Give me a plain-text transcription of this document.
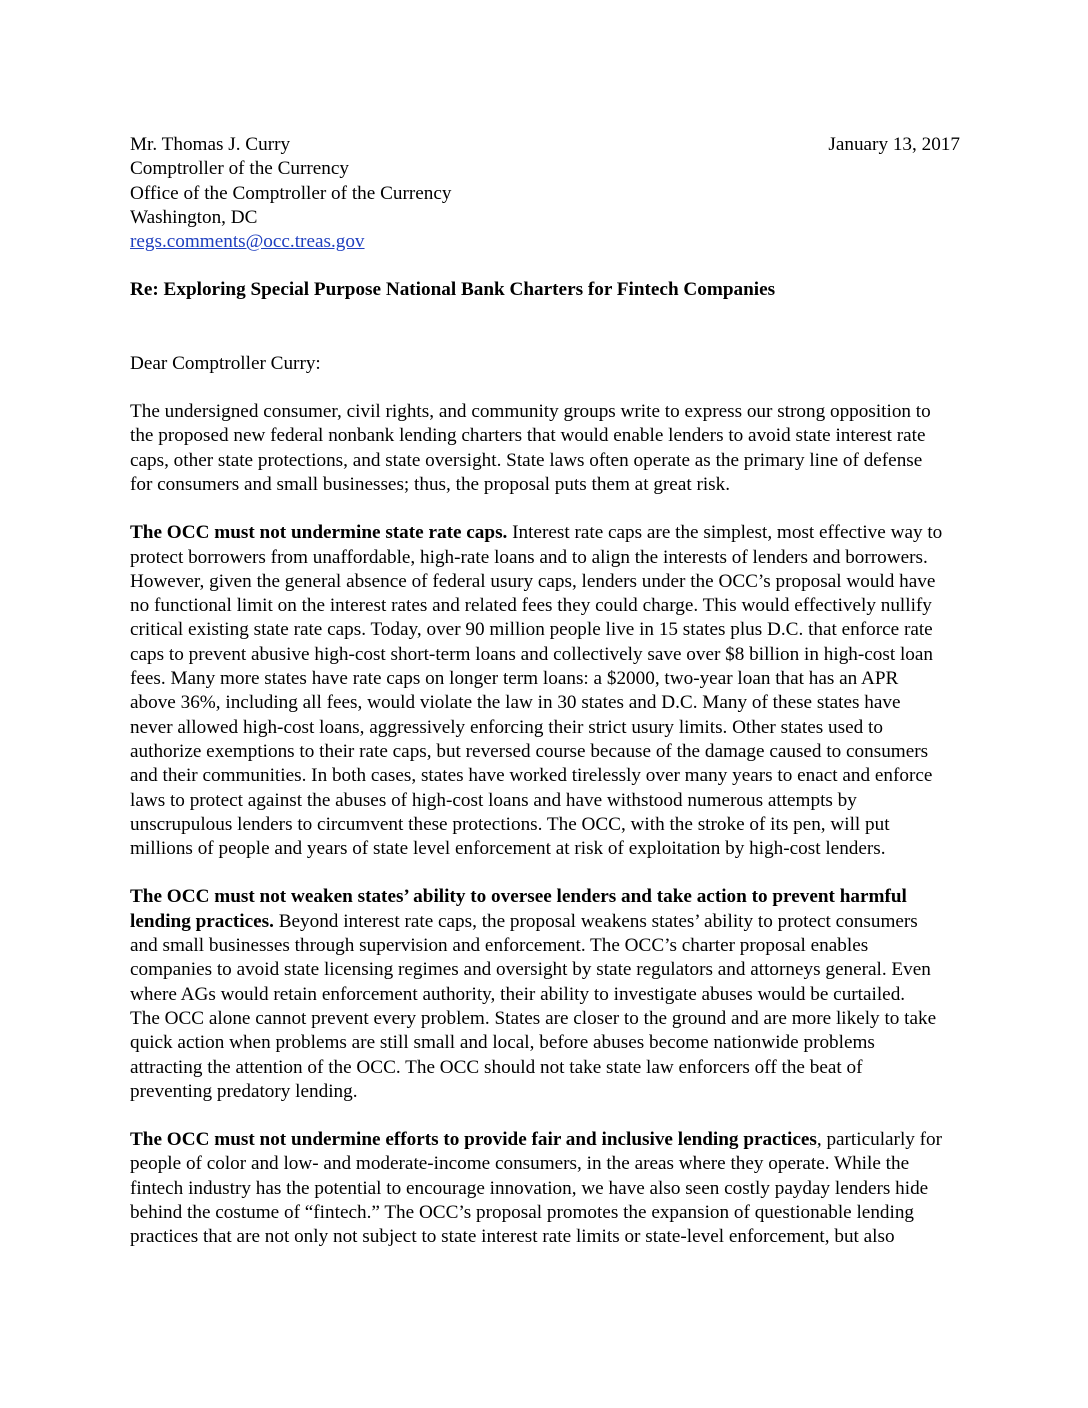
January 13, 2017
Mr. Thomas J. Curry
Comptroller of the Currency
Office of the Comptroller of the Currency
Washington, DC
regs.comments@occ.treas.gov
Re: Exploring Special Purpose National Bank Charters for Fintech Companies
Dear Comptroller Curry:

The undersigned consumer, civil rights, and community groups write to express our strong opposition to
the proposed new federal nonbank lending charters that would enable lenders to avoid state interest rate
caps, other state protections, and state oversight. State laws often operate as the primary line of defense
for consumers and small businesses; thus, the proposal puts them at great risk.

The OCC must not undermine state rate caps. Interest rate caps are the simplest, most effective way to
protect borrowers from unaffordable, high-rate loans and to align the interests of lenders and borrowers.
However, given the general absence of federal usury caps, lenders under the OCC’s proposal would have
no functional limit on the interest rates and related fees they could charge. This would effectively nullify
critical existing state rate caps. Today, over 90 million people live in 15 states plus D.C. that enforce rate
caps to prevent abusive high-cost short-term loans and collectively save over $8 billion in high-cost loan
fees. Many more states have rate caps on longer term loans: a $2000, two-year loan that has an APR
above 36%, including all fees, would violate the law in 30 states and D.C. Many of these states have
never allowed high-cost loans, aggressively enforcing their strict usury limits. Other states used to
authorize exemptions to their rate caps, but reversed course because of the damage caused to consumers
and their communities. In both cases, states have worked tirelessly over many years to enact and enforce
laws to protect against the abuses of high-cost loans and have withstood numerous attempts by
unscrupulous lenders to circumvent these protections. The OCC, with the stroke of its pen, will put
millions of people and years of state level enforcement at risk of exploitation by high-cost lenders.

The OCC must not weaken states’ ability to oversee lenders and take action to prevent harmful
lending practices. Beyond interest rate caps, the proposal weakens states’ ability to protect consumers
and small businesses through supervision and enforcement. The OCC’s charter proposal enables
companies to avoid state licensing regimes and oversight by state regulators and attorneys general. Even
where AGs would retain enforcement authority, their ability to investigate abuses would be curtailed.
The OCC alone cannot prevent every problem. States are closer to the ground and are more likely to take
quick action when problems are still small and local, before abuses become nationwide problems
attracting the attention of the OCC. The OCC should not take state law enforcers off the beat of
preventing predatory lending.

The OCC must not undermine efforts to provide fair and inclusive lending practices, particularly for
people of color and low- and moderate-income consumers, in the areas where they operate. While the
fintech industry has the potential to encourage innovation, we have also seen costly payday lenders hide
behind the costume of “fintech.” The OCC’s proposal promotes the expansion of questionable lending
practices that are not only not subject to state interest rate limits or state-level enforcement, but also
